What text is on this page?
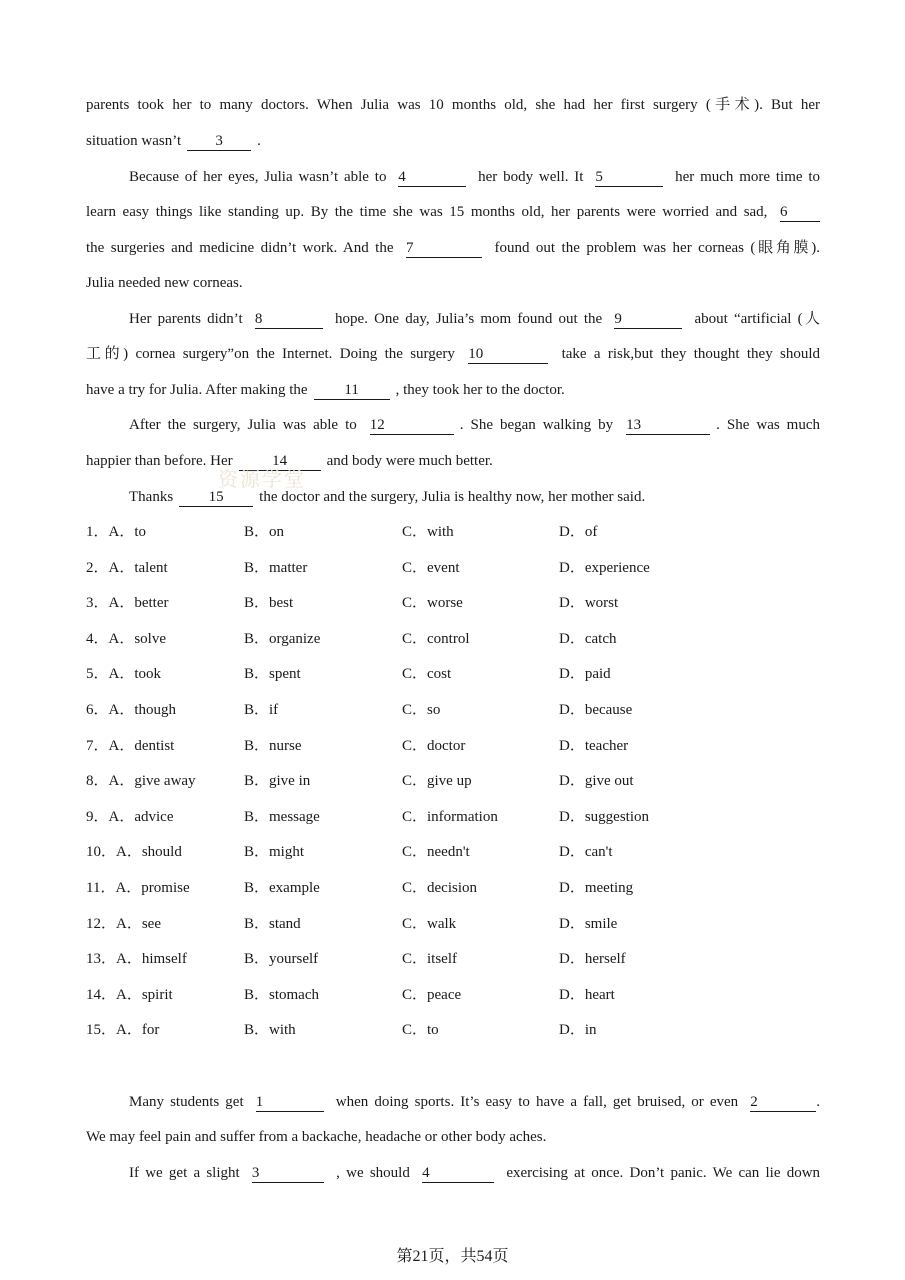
parents took her to many doctors. When Julia was 10 months old, she had her first surgery (手术). But her
situation wasn’t 3 .
Because of her eyes, Julia wasn’t able to 4	her body well. It 5	her much more time to
learn easy things like standing up. By the time she was 15 months old, her parents were worried and sad, 6
the surgeries and medicine didn’t work. And the 7	found out the problem was her corneas (眼角膜).
Julia needed new corneas.
Her parents didn’t 8	hope. One day, Julia’s mom found out the 9	about “artificial (人
工的) cornea surgery”on the Internet. Doing the surgery 10	take a risk,but they thought they should
have a try for Julia. After making the 11 , they took her to the doctor.
After the surgery, Julia was able to 12	. She began walking by 13	. She was much
happier than before. Her	14	and body were much better.
Thanks 15 the doctor and the surgery, Julia is healthy now, her mother said.
资源学堂
1．A．to	B．on	C．with	D．of
2．A．talent	B．matter	C．event	D．experience
3．A．better	B．best	C．worse	D．worst
4．A．solve	B．organize	C．control	D．catch
5．A．took	B．spent	C．cost	D．paid
6．A．though	B．if	C．so	D．because
7．A．dentist	B．nurse	C．doctor	D．teacher
8．A．give away	B．give in	C．give up	D．give out
9．A．advice	B．message	C．information	D．suggestion
10．A．should	B．might	C．needn't	D．can't
11．A．promise	B．example	C．decision	D．meeting
12．A．see	B．stand	C．walk	D．smile
13．A．himself	B．yourself	C．itself	D．herself
14．A．spirit	B．stomach	C．peace	D．heart
15．A．for	B．with	C．to	D．in
Many students get 1	when doing sports. It’s easy to have a fall, get bruised, or even 2	.
We may feel pain and suffer from a backache, headache or other body aches.
If we get a slight 3	, we should 4	exercising at once. Don’t panic. We can lie down
第21页，共54页
